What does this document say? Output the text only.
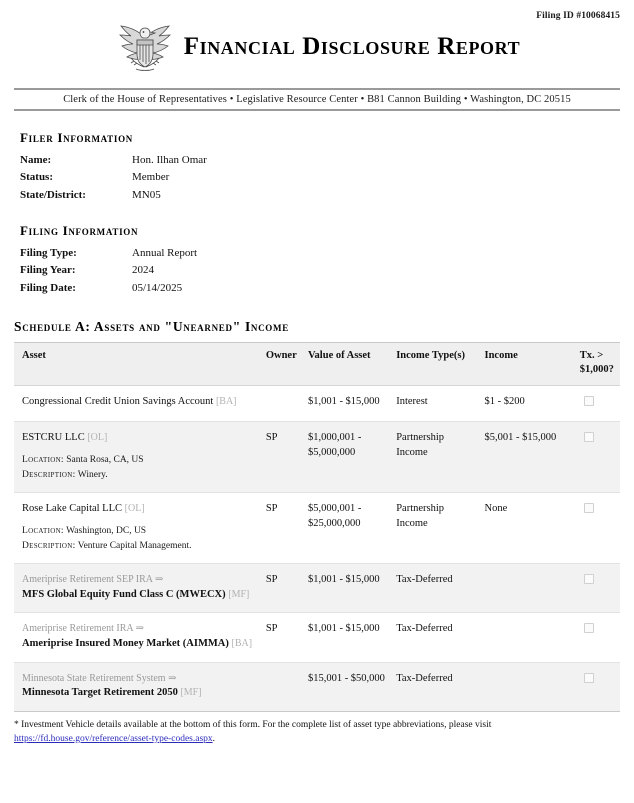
Filing ID #10068415
Financial Disclosure Report
Clerk of the House of Representatives • Legislative Resource Center • B81 Cannon Building • Washington, DC 20515
Filer Information
Name:	Hon. Ilhan Omar
Status:	Member
State/District:	MN05
Filing Information
Filing Type:	Annual Report
Filing Year:	2024
Filing Date:	05/14/2025
Schedule A: Assets and "Unearned" Income
Asset	Owner	Value of Asset	Income Type(s)	Income	Tx. > $1,000?
Congressional Credit Union Savings Account [BA]		$1,001 - $15,000	Interest	$1 - $200	
ESTCRU LLC [OL]
Location: Santa Rosa, CA, US
Description: Winery.	SP	$1,000,001 - $5,000,000	Partnership Income	$5,001 - $15,000	
Rose Lake Capital LLC [OL]
Location: Washington, DC, US
Description: Venture Capital Management.	SP	$5,000,001 - $25,000,000	Partnership Income	None	

Ameriprise Retirement SEP IRA ⇒
MFS Global Equity Fund Class C (MWECX) [MF]	SP	$1,001 - $15,000	Tax-Deferred		

Ameriprise Retirement IRA ⇒
Ameriprise Insured Money Market (AIMMA) [BA]	SP	$1,001 - $15,000	Tax-Deferred		

Minnesota State Retirement System ⇒
Minnesota Target Retirement 2050 [MF]		$15,001 - $50,000	Tax-Deferred		
* Investment Vehicle details available at the bottom of this form. For the complete list of asset type abbreviations, please visit https://fd.house.gov/reference/asset-type-codes.aspx.
